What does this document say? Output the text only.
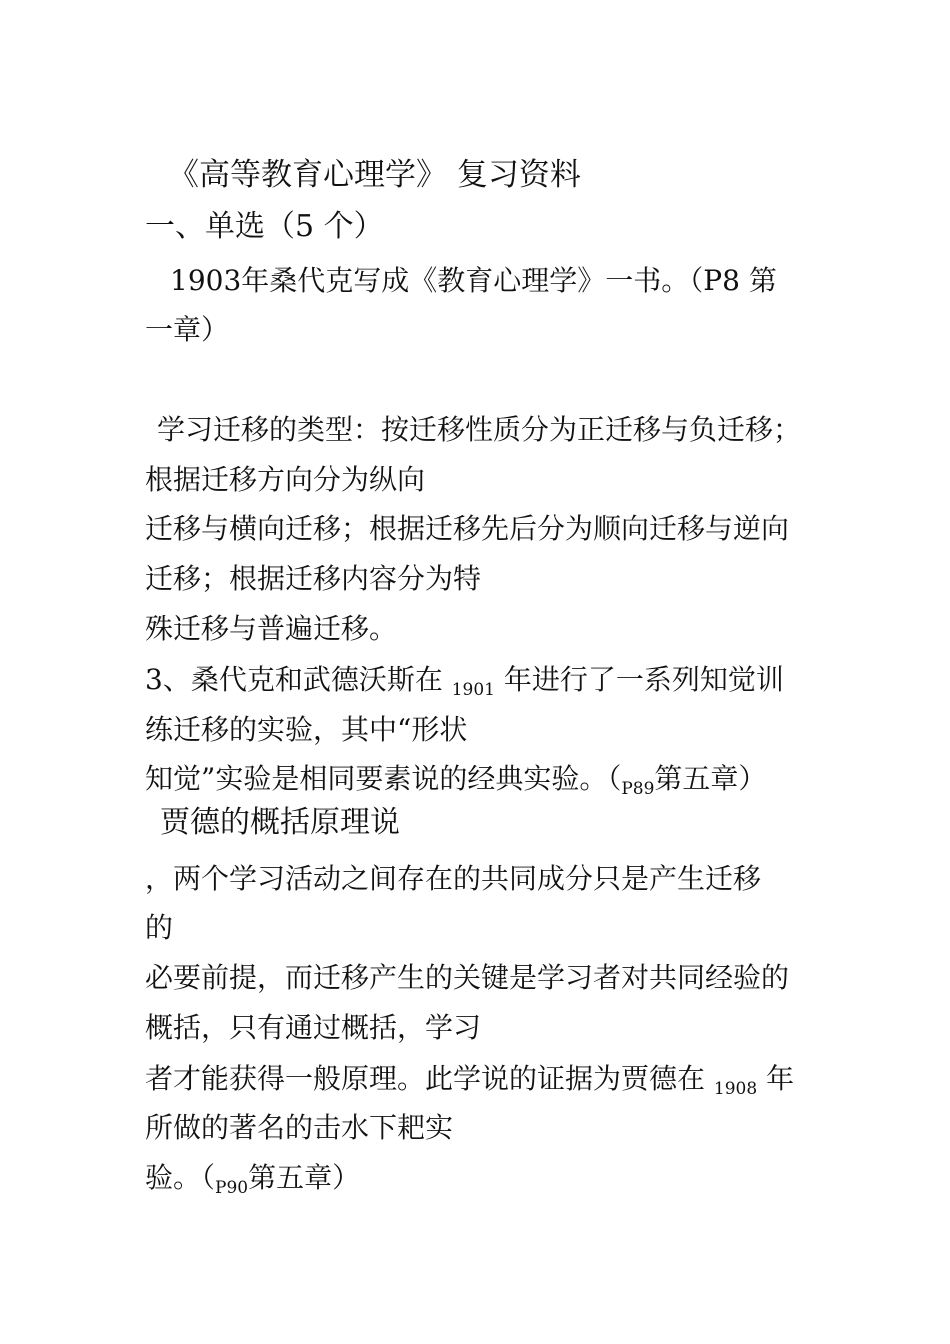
《高等教育心理学》 复习资料
一、单选（5 个）

1903年桑代克写成《教育心理学》一书。（P8 第

一章）

学习迁移的类型：按迁移性质分为正迁移与负迁移；

根据迁移方向分为纵向

迁移与横向迁移；根据迁移先后分为顺向迁移与逆向

迁移；根据迁移内容分为特

殊迁移与普遍迁移。

3、桑代克和武德沃斯在 $_{1901}$ 年进行了一系列知觉训

练迁移的实验，其中“形状

知觉”实验是相同要素说的经典实验。（$_{P89}$第五章）

贾德的概括原理说

，两个学习活动之间存在的共同成分只是产生迁移

的

必要前提，而迁移产生的关键是学习者对共同经验的

概括，只有通过概括，学习

者才能获得一般原理。此学说的证据为贾德在 $_{1908}$ 年

所做的著名的击水下耙实

验。（$_{P90}$第五章）
